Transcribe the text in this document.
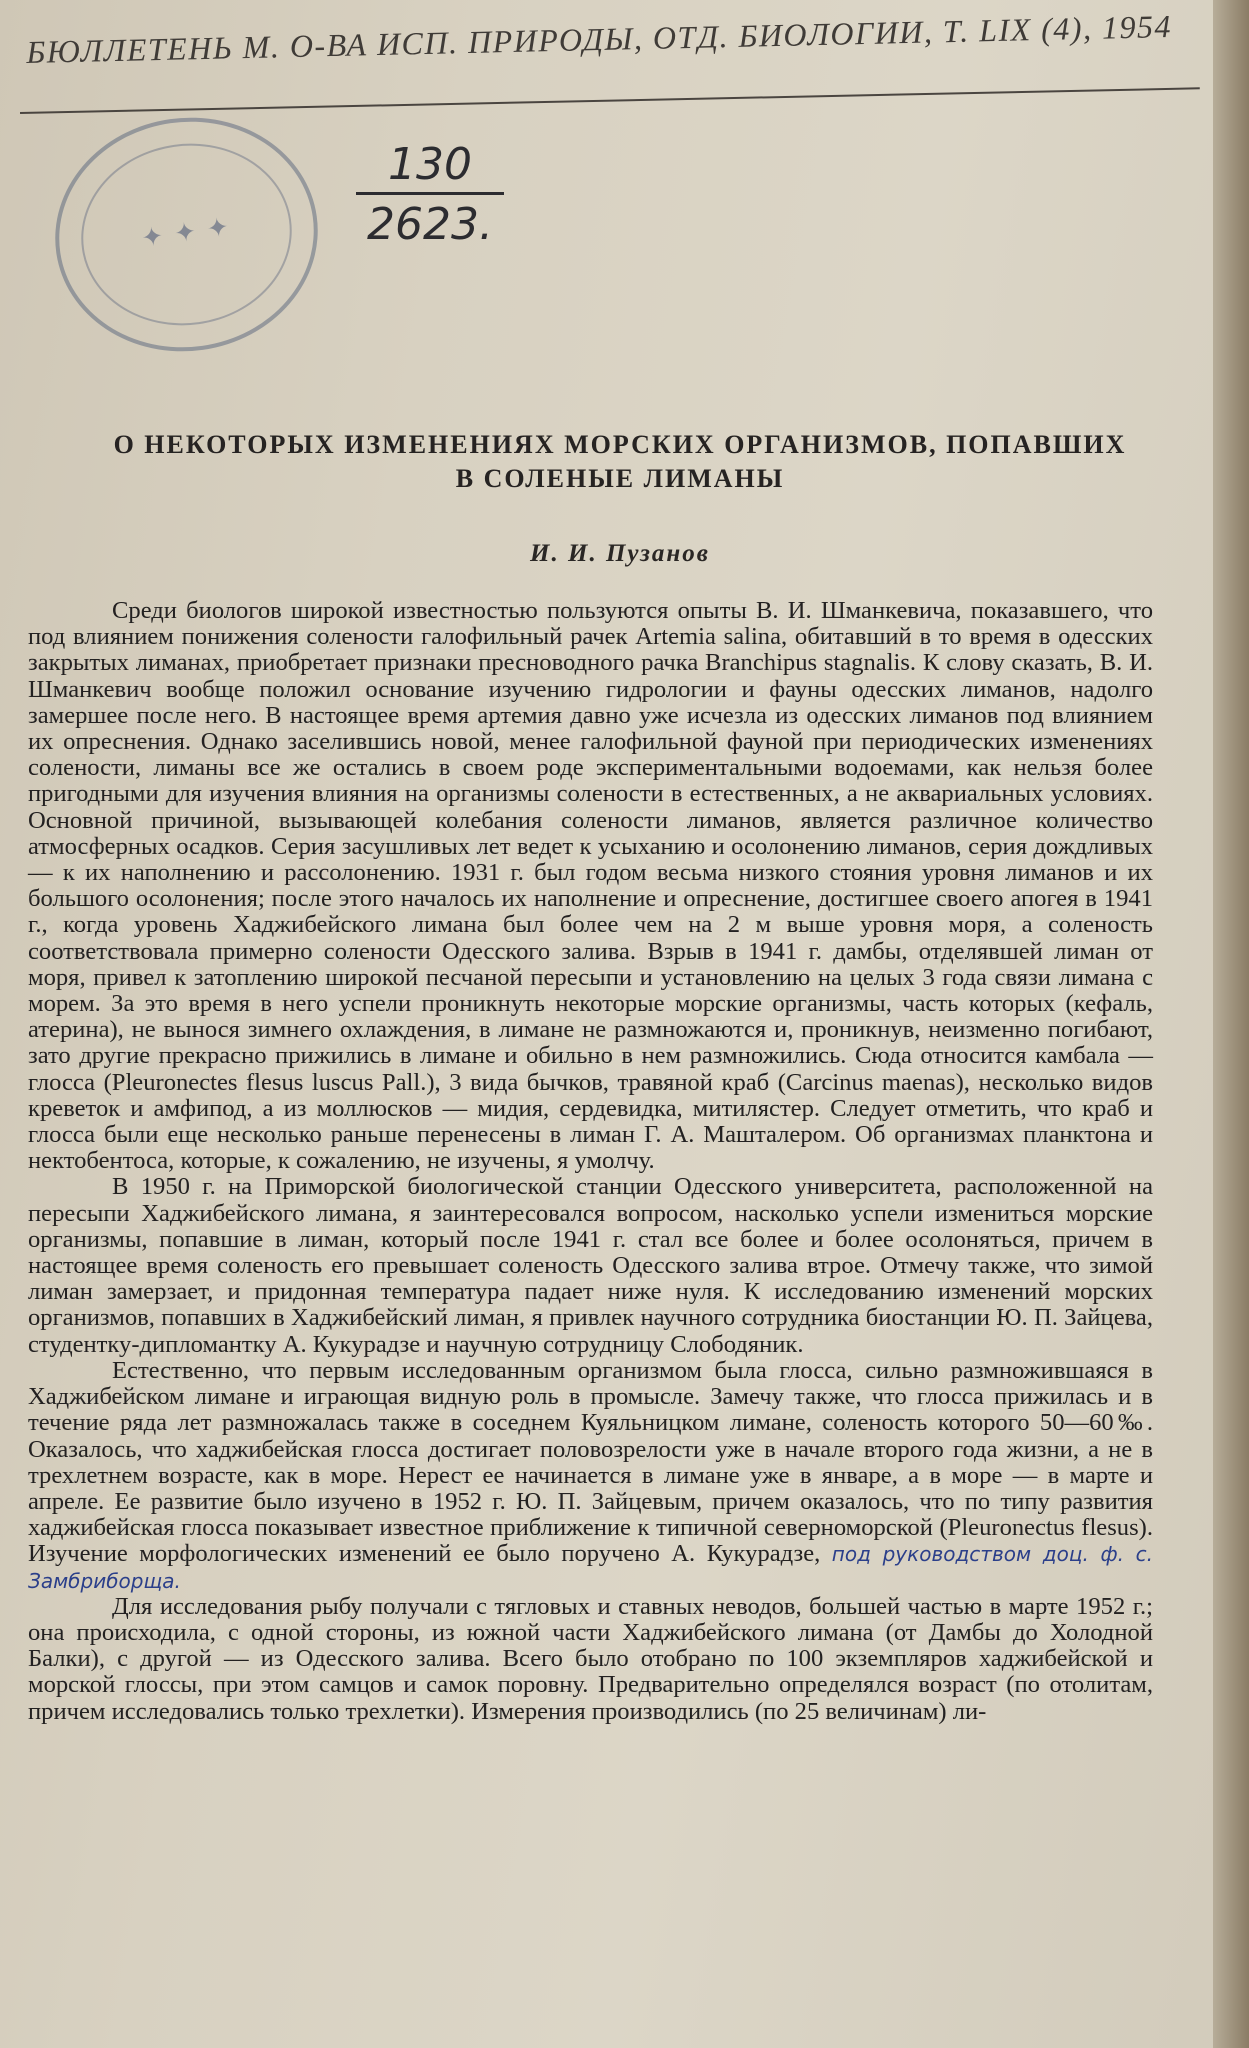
БЮЛЛЕТЕНЬ М. О-ВА ИСП. ПРИРОДЫ, ОТД. БИОЛОГИИ, Т. LIX (4), 1954
✦ ✦ ✦
130
2623.
О НЕКОТОРЫХ ИЗМЕНЕНИЯХ МОРСКИХ ОРГАНИЗМОВ, ПОПАВШИХ
В СОЛЕНЫЕ ЛИМАНЫ
И. И. Пузанов

Среди биологов широкой известностью пользуются опыты В. И. Шманкевича, показавшего, что под влиянием понижения солености галофильный рачек Artemia salina, обитавший в то время в одесских закрытых лиманах, приобретает признаки пресноводного рачка Branchipus stagnalis. К слову сказать, В. И. Шманкевич вообще положил основание изучению гидрологии и фауны одесских лиманов, надолго замершее после него. В настоящее время артемия давно уже исчезла из одесских лиманов под влиянием их опреснения. Однако заселившись новой, менее галофильной фауной при периодических изменениях солености, лиманы все же остались в своем роде экспериментальными водоемами, как нельзя более пригодными для изучения влияния на организмы солености в естественных, а не аквариальных условиях. Основной причиной, вызывающей колебания солености лиманов, является различное количество атмосферных осадков. Серия засушливых лет ведет к усыханию и осолонению лиманов, серия дождливых — к их наполнению и рассолонению. 1931 г. был годом весьма низкого стояния уровня лиманов и их большого осолонения; после этого началось их наполнение и опреснение, достигшее своего апогея в 1941 г., когда уровень Хаджибейского лимана был более чем на 2 м выше уровня моря, а соленость соответствовала примерно солености Одесского залива. Взрыв в 1941 г. дамбы, отделявшей лиман от моря, привел к затоплению широкой песчаной пересыпи и установлению на целых 3 года связи лимана с морем. За это время в него успели проникнуть некоторые морские организмы, часть которых (кефаль, атерина), не вынося зимнего охлаждения, в лимане не размножаются и, проникнув, неизменно погибают, зато другие прекрасно прижились в лимане и обильно в нем размножились. Сюда относится камбала — глосса (Pleuronectes flesus luscus Pall.), 3 вида бычков, травяной краб (Carcinus maenas), несколько видов креветок и амфипод, а из моллюсков — мидия, сердевидка, митилястер. Следует отметить, что краб и глосса были еще несколько раньше перенесены в лиман Г. А. Машталером. Об организмах планктона и нектобентоса, которые, к сожалению, не изучены, я умолчу.

В 1950 г. на Приморской биологической станции Одесского университета, расположенной на пересыпи Хаджибейского лимана, я заинтересовался вопросом, насколько успели измениться морские организмы, попавшие в лиман, который после 1941 г. стал все более и более осолоняться, причем в настоящее время соленость его превышает соленость Одесского залива втрое. Отмечу также, что зимой лиман замерзает, и придонная температура падает ниже нуля. К исследованию изменений морских организмов, попавших в Хаджибейский лиман, я привлек научного сотрудника биостанции Ю. П. Зайцева, студентку-дипломантку А. Кукурадзе и научную сотрудницу Слободяник.

Естественно, что первым исследованным организмом была глосса, сильно размножившаяся в Хаджибейском лимане и играющая видную роль в промысле. Замечу также, что глосса прижилась и в течение ряда лет размножалась также в соседнем Куяльницком лимане, соленость которого 50—60‰. Оказалось, что хаджибейская глосса достигает половозрелости уже в начале второго года жизни, а не в трехлетнем возрасте, как в море. Нерест ее начинается в лимане уже в январе, а в море — в марте и апреле. Ее развитие было изучено в 1952 г. Ю. П. Зайцевым, причем оказалось, что по типу развития хаджибейская глосса показывает известное приближение к типичной северноморской (Pleuronectus flesus). Изучение морфологических изменений ее было поручено А. Кукурадзе, под руководством доц. ф. с. Замбриборща.

Для исследования рыбу получали с тягловых и ставных неводов, большей частью в марте 1952 г.; она происходила, с одной стороны, из южной части Хаджибейского лимана (от Дамбы до Холодной Балки), с другой — из Одесского залива. Всего было отобрано по 100 экземпляров хаджибейской и морской глоссы, при этом самцов и самок поровну. Предварительно определялся возраст (по отолитам, причем исследовались только трехлетки). Измерения производились (по 25 величинам) ли-
